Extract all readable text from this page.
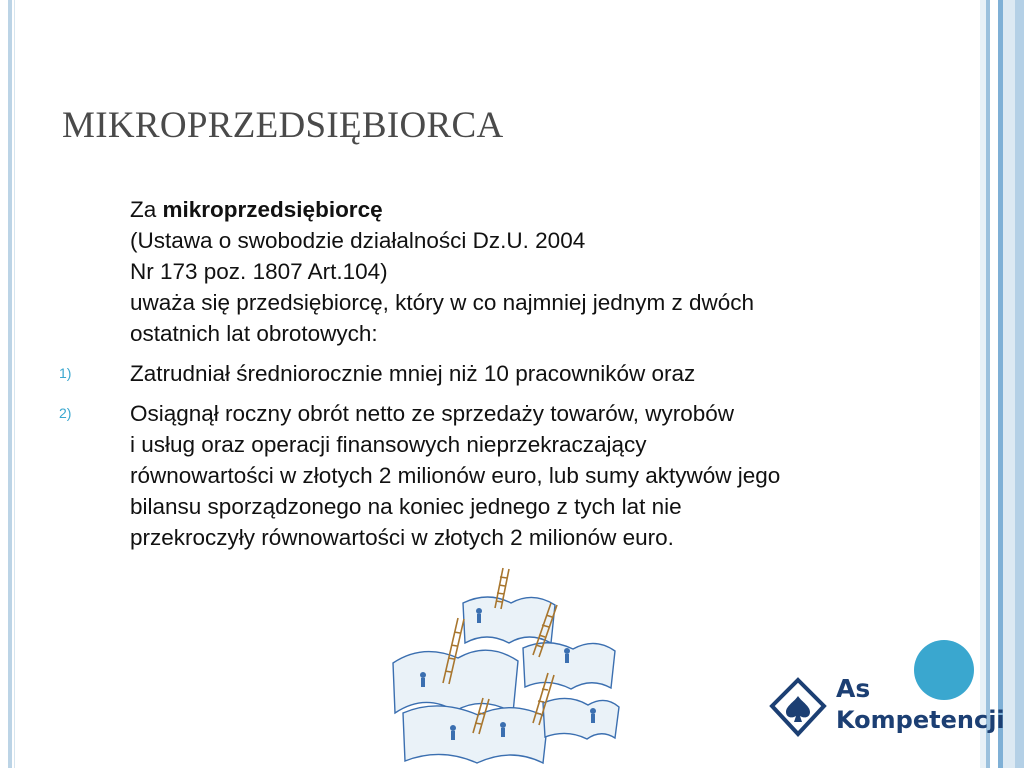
MIKROPRZEDSIĘBIORCA
Za mikroprzedsiębiorcę

(Ustawa o swobodzie działalności Dz.U. 2004

Nr 173 poz. 1807 Art.104)

uważa się przedsiębiorcę, który w co najmniej jednym z dwóch

ostatnich lat obrotowych:

1)	Zatrudniał średniorocznie mniej niż 10 pracowników oraz

2)	Osiągnął roczny obrót netto ze sprzedaży towarów, wyrobów

i usług oraz operacji finansowych nieprzekraczający

równowartości w złotych 2 milionów euro, lub sumy aktywów jego

bilansu sporządzonego na koniec jednego z tych lat nie

przekroczyły równowartości w złotych 2 milionów euro.

As
Kompetencji
